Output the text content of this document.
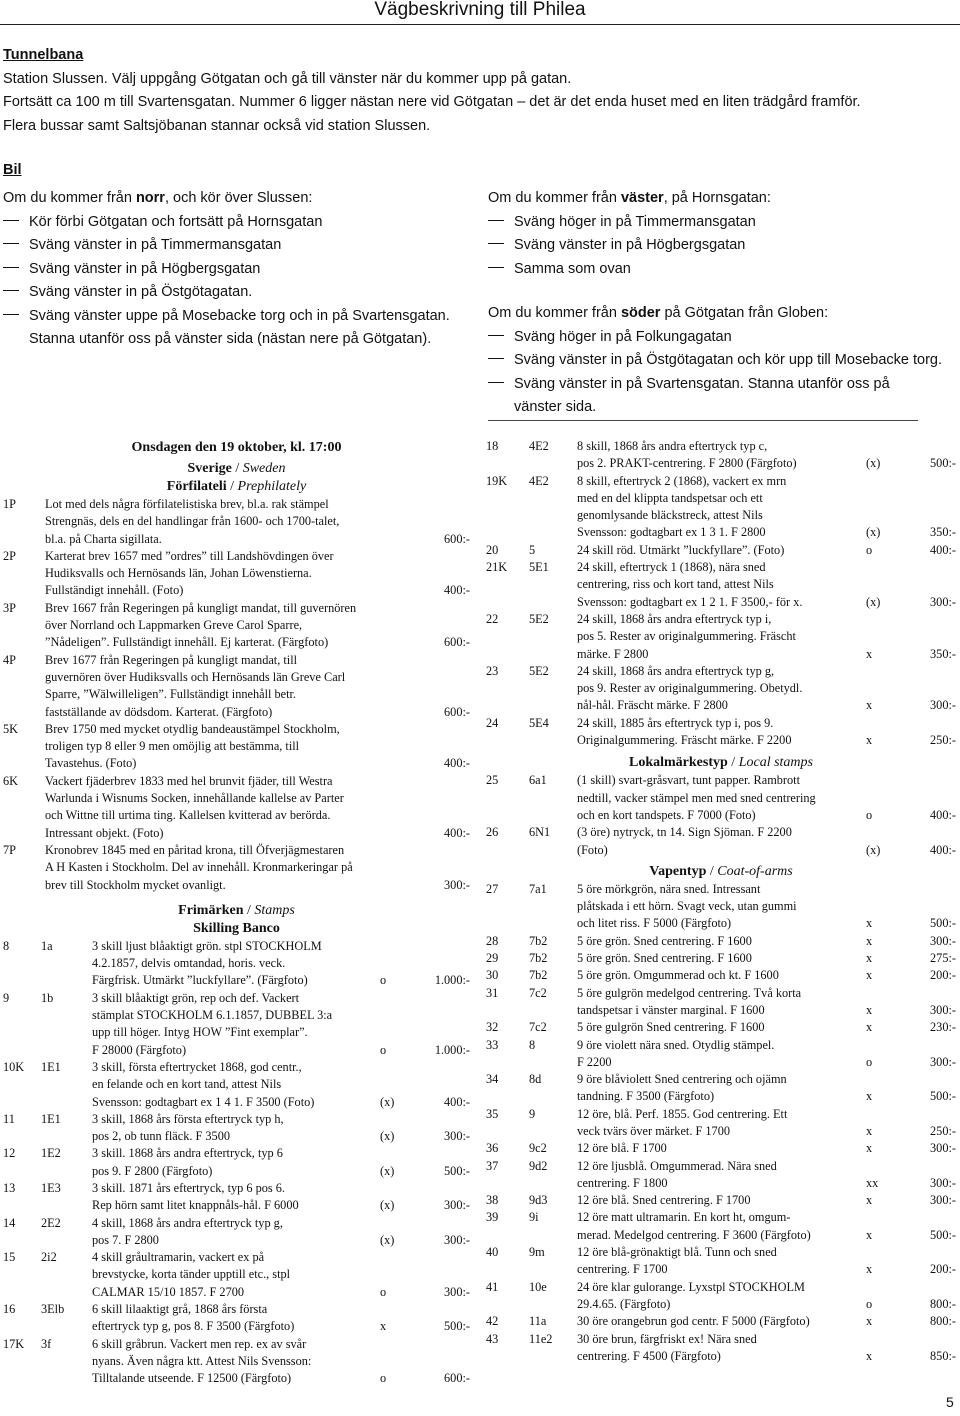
Vägbeskrivning till Philea
Tunnelbana
Station Slussen. Välj uppgång Götgatan och gå till vänster när du kommer upp på gatan.
Fortsätt ca 100 m till Svartensgatan. Nummer 6 ligger nästan nere vid Götgatan – det är det enda huset med en liten trädgård framför.
Flera bussar samt Saltsjöbanan stannar också vid station Slussen.
Bil
Om du kommer från norr, och kör över Slussen:
Kör förbi Götgatan och fortsätt på Hornsgatan
Sväng vänster in på Timmermansgatan
Sväng vänster in på Högbergsgatan
Sväng vänster in på Östgötagatan.
Sväng vänster uppe på Mosebacke torg och in på Svartensgatan.
Stanna utanför oss på vänster sida (nästan nere på Götgatan).
Om du kommer från väster, på Hornsgatan:
Sväng höger in på Timmermansgatan
Sväng vänster in på Högbergsgatan
Samma som ovan
Om du kommer från söder på Götgatan från Globen:
Sväng höger in på Folkungagatan
Sväng vänster in på Östgötagatan och kör upp till Mosebacke torg.
Sväng vänster in på Svartensgatan. Stanna utanför oss på
vänster sida.
Onsdagen den 19 oktober, kl. 17:00
Sverige / Sweden
Förfilateli / Prephilately
1P	Lot med dels några förfilatelistiska brev, bl.a. rak stämpel
Strengnäs, dels en del handlingar från 1600- och 1700-talet,
bl.a. på Charta sigillata.	600:-
2P	Karterat brev 1657 med ”ordres” till Landshövdingen över
Hudiksvalls och Hernösands län, Johan Löwenstierna.
Fullständigt innehåll. (Foto)	400:-
3P	Brev 1667 från Regeringen på kungligt mandat, till guvernören
över Norrland och Lappmarken Greve Carol Sparre,
”Nådeligen”. Fullständigt innehåll. Ej karterat. (Färgfoto)	600:-
4P	Brev 1677 från Regeringen på kungligt mandat, till
guvernören över Hudiksvalls och Hernösands län Greve Carl
Sparre, ”Wälwilleligen”. Fullständigt innehåll betr.
fastställande av dödsdom. Karterat. (Färgfoto)	600:-
5K	Brev 1750 med mycket otydlig bandeaustämpel Stockholm,
troligen typ 8 eller 9 men omöjlig att bestämma, till
Tavastehus. (Foto)	400:-
6K	Vackert fjäderbrev 1833 med hel brunvit fjäder, till Westra
Warlunda i Wisnums Socken, innehållande kallelse av Parter
och Wittne till urtima ting. Kallelsen kvitterad av berörda.
Intressant objekt. (Foto)	400:-
7P	Kronobrev 1845 med en påritad krona, till Öfverjägmestaren
A H Kasten i Stockholm. Del av innehåll. Kronmarkeringar på
brev till Stockholm mycket ovanligt.	300:-
Frimärken / Stamps
Skilling Banco
8	1a	3 skill ljust blåaktigt grön. stpl STOCKHOLM
4.2.1857, delvis omtandad, horis. veck.
Färgfrisk. Utmärkt ”luckfyllare”. (Färgfoto)	o	1.000:-
9	1b	3 skill blåaktigt grön, rep och def. Vackert
stämplat STOCKHOLM 6.1.1857, DUBBEL 3:a
upp till höger. Intyg HOW ”Fint exemplar”.
F 28000 (Färgfoto)	o	1.000:-
10K	1E1	3 skill, första eftertrycket 1868, god centr.,
en felande och en kort tand, attest Nils
Svensson: godtagbart ex 1 4 1. F 3500 (Foto)	(x)	400:-
11	1E1	3 skill, 1868 års första eftertryck typ h,
pos 2, ob tunn fläck. F 3500	(x)	300:-
12	1E2	3 skill. 1868 års andra eftertryck, typ 6
pos 9. F 2800 (Färgfoto)	(x)	500:-
13	1E3	3 skill. 1871 års eftertryck, typ 6 pos 6.
Rep hörn samt litet knappnåls-hål. F 6000	(x)	300:-
14	2E2	4 skill, 1868 års andra eftertryck typ g,
pos 7. F 2800	(x)	300:-
15	2i2	4 skill gråultramarin, vackert ex på
brevstycke, korta tänder upptill etc., stpl
CALMAR 15/10 1857. F 2700	o	300:-
16	3Elb	6 skill lilaaktigt grå, 1868 års första
eftertryck typ g, pos 8. F 3500 (Färgfoto)	x	500:-
17K	3f	6 skill gråbrun. Vackert men rep. ex av svår
nyans. Även några ktt. Attest Nils Svensson:
Tilltalande utseende. F 12500 (Färgfoto)	o	600:-
18	4E2	8 skill, 1868 års andra eftertryck typ c,
pos 2. PRAKT-centrering. F 2800 (Färgfoto)	(x)	500:-
19K	4E2	8 skill, eftertryck 2 (1868), vackert ex mrn
med en del klippta tandspetsar och ett
genomlysande bläckstreck, attest Nils
Svensson: godtagbart ex 1 3 1. F 2800	(x)	350:-
20	5	24 skill röd. Utmärkt ”luckfyllare”. (Foto)	o	400:-
21K	5E1	24 skill, eftertryck 1 (1868), nära sned
centrering, riss och kort tand, attest Nils
Svensson: godtagbart ex 1 2 1. F 3500,- för x.	(x)	300:-
22	5E2	24 skill, 1868 års andra eftertryck typ i,
pos 5. Rester av originalgummering. Fräscht
märke. F 2800	x	350:-
23	5E2	24 skill, 1868 års andra eftertryck typ g,
pos 9. Rester av originalgummering. Obetydl.
nål-hål. Fräscht märke. F 2800	x	300:-
24	5E4	24 skill, 1885 års eftertryck typ i, pos 9.
Originalgummering. Fräscht märke. F 2200	x	250:-
Lokalmärkestyp / Local stamps
25	6a1	(1 skill) svart-gråsvart, tunt papper. Rambrott
nedtill, vacker stämpel men med sned centrering
och en kort tandspets. F 7000 (Foto)	o	400:-
26	6N1	(3 öre) nytryck, tn 14. Sign Sjöman. F 2200
(Foto)	(x)	400:-
Vapentyp / Coat-of-arms
27	7a1	5 öre mörkgrön, nära sned. Intressant
plåtskada i ett hörn. Svagt veck, utan gummi
och litet riss. F 5000 (Färgfoto)	x	500:-
28	7b2	5 öre grön. Sned centrering. F 1600	x	300:-
29	7b2	5 öre grön. Sned centrering. F 1600	x	275:-
30	7b2	5 öre grön. Omgummerad och kt. F 1600	x	200:-
31	7c2	5 öre gulgrön medelgod centrering. Två korta
tandspetsar i vänster marginal. F 1600	x	300:-
32	7c2	5 öre gulgrön Sned centrering. F 1600	x	230:-
33	8	9 öre violett nära sned. Otydlig stämpel.
F 2200	o	300:-
34	8d	9 öre blåviolett Sned centrering och ojämn
tandning. F 3500 (Färgfoto)	x	500:-
35	9	12 öre, blå. Perf. 1855. God centrering. Ett
veck tvärs över märket. F 1700	x	250:-
36	9c2	12 öre blå. F 1700	x	300:-
37	9d2	12 öre ljusblå. Omgummerad. Nära sned
centrering. F 1800	xx	300:-
38	9d3	12 öre blå. Sned centrering. F 1700	x	300:-
39	9i	12 öre matt ultramarin. En kort ht, omgum-
merad. Medelgod centrering. F 3600 (Färgfoto)	x	500:-
40	9m	12 öre blå-grönaktigt blå. Tunn och sned
centrering. F 1700	x	200:-
41	10e	24 öre klar gulorange. Lyxstpl STOCKHOLM
29.4.65. (Färgfoto)	o	800:-
42	11a	30 öre orangebrun god centr. F 5000 (Färgfoto)	x	800:-
43	11e2	30 öre brun, färgfriskt ex! Nära sned
centrering. F 4500 (Färgfoto)	x	850:-
5
